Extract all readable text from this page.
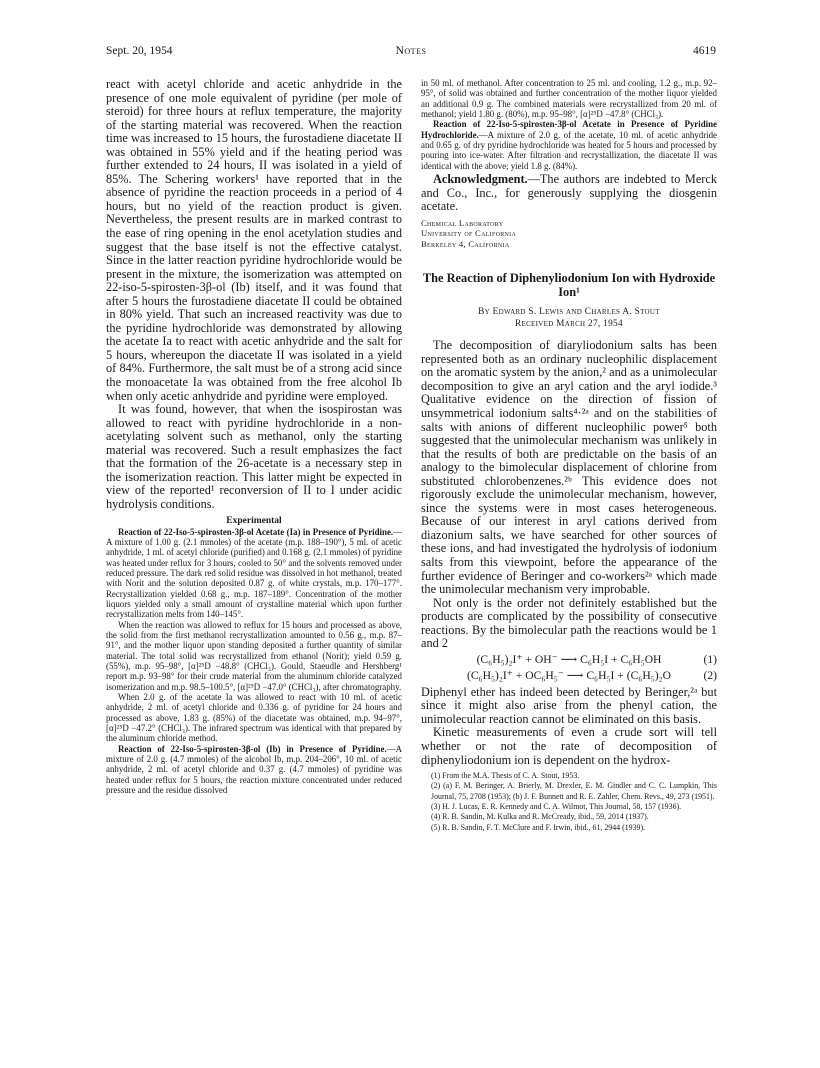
Sept. 20, 1954	Notes	4619

react with acetyl chloride and acetic anhydride in the presence of one mole equivalent of pyridine (per mole of steroid) for three hours at reflux temperature, the majority of the starting material was recovered. When the reaction time was increased to 15 hours, the furostadiene diacetate II was obtained in 55% yield and if the heating period was further extended to 24 hours, II was isolated in a yield of 85%. The Schering workers¹ have reported that in the absence of pyridine the reaction proceeds in a period of 4 hours, but no yield of the reaction product is given. Nevertheless, the present results are in marked contrast to the ease of ring opening in the enol acetylation studies and suggest that the base itself is not the effective catalyst. Since in the latter reaction pyridine hydrochloride would be present in the mixture, the isomerization was attempted on 22-iso-5-spirosten-3β-ol (Ib) itself, and it was found that after 5 hours the furostadiene diacetate II could be obtained in 80% yield. That such an increased reactivity was due to the pyridine hydrochloride was demonstrated by allowing the acetate Ia to react with acetic anhydride and the salt for 5 hours, whereupon the diacetate II was isolated in a yield of 84%. Furthermore, the salt must be of a strong acid since the monoacetate Ia was obtained from the free alcohol Ib when only acetic anhydride and pyridine were employed.

It was found, however, that when the isospirostan was allowed to react with pyridine hydrochloride in a non-acetylating solvent such as methanol, only the starting material was recovered. Such a result emphasizes the fact that the formation of the 26-acetate is a necessary step in the isomerization reaction. This latter might be expected in view of the reported¹ reconversion of II to I under acidic hydrolysis conditions.

Experimental

Reaction of 22-Iso-5-spirosten-3β-ol Acetate (Ia) in Presence of Pyridine.—A mixture of 1.00 g. (2.1 mmoles) of the acetate (m.p. 188–190°), 5 ml. of acetic anhydride, 1 ml. of acetyl chloride (purified) and 0.168 g. (2.1 mmoles) of pyridine was heated under reflux for 3 hours, cooled to 50° and the solvents removed under reduced pressure. The dark red solid residue was dissolved in hot methanol, treated with Norit and the solution deposited 0.87 g. of white crystals, m.p. 170–177°. Recrystallization yielded 0.68 g., m.p. 187–189°. Concentration of the mother liquors yielded only a small amount of crystalline material which upon further recrystallization melts from 140–145°.

When the reaction was allowed to reflux for 15 hours and processed as above, the solid from the first methanol recrystallization amounted to 0.56 g., m.p. 87–91°, and the mother liquor upon standing deposited a further quantity of similar material. The total solid was recrystallized from ethanol (Norit); yield 0.59 g. (55%), m.p. 95–98°, [α]²⁵D −48.8° (CHCl₃). Gould, Staeudle and Hershberg¹ report m.p. 93–98° for their crude material from the aluminum chloride catalyzed isomerization and m.p. 98.5–100.5°, [α]²⁵D −47.0° (CHCl₃), after chromatography.

When 2.0 g. of the acetate Ia was allowed to react with 10 ml. of acetic anhydride, 2 ml. of acetyl chloride and 0.336 g. of pyridine for 24 hours and processed as above, 1.83 g. (85%) of the diacetate was obtained, m.p. 94–97°, [α]²⁵D −47.2° (CHCl₃). The infrared spectrum was identical with that prepared by the aluminum chloride method.

Reaction of 22-Iso-5-spirosten-3β-ol (Ib) in Presence of Pyridine.—A mixture of 2.0 g. (4.7 mmoles) of the alcohol Ib, m.p. 204–206°, 10 ml. of acetic anhydride, 2 ml. of acetyl chloride and 0.37 g. (4.7 mmoles) of pyridine was heated under reflux for 5 hours, the reaction mixture concentrated under reduced pressure and the residue dissolved

in 50 ml. of methanol. After concentration to 25 ml. and cooling, 1.2 g., m.p. 92–95°, of solid was obtained and further concentration of the mother liquor yielded an additional 0.9 g. The combined materials were recrystallized from 20 ml. of methanol; yield 1.80 g. (80%), m.p. 95–98°, [α]²⁵D −47.8° (CHCl₃).

Reaction of 22-Iso-5-spirosten-3β-ol Acetate in Presence of Pyridine Hydrochloride.—A mixture of 2.0 g. of the acetate, 10 ml. of acetic anhydride and 0.65 g. of dry pyridine hydrochloride was heated for 5 hours and processed by pouring into ice-water. After filtration and recrystallization, the diacetate II was identical with the above; yield 1.8 g. (84%).

Acknowledgment.—The authors are indebted to Merck and Co., Inc., for generously supplying the diosgenin acetate.

Chemical Laboratory
University of California
Berkeley 4, California
The Reaction of Diphenyliodonium Ion with Hydroxide Ion¹
By Edward S. Lewis and Charles A. Stout
Received March 27, 1954

The decomposition of diaryliodonium salts has been represented both as an ordinary nucleophilic displacement on the aromatic system by the anion,² and as a unimolecular decomposition to give an aryl cation and the aryl iodide.³ Qualitative evidence on the direction of fission of unsymmetrical iodonium salts⁴·²ᵃ and on the stabilities of salts with anions of different nucleophilic power⁵ both suggested that the unimolecular mechanism was unlikely in that the results of both are predictable on the basis of an analogy to the bimolecular displacement of chlorine from substituted chlorobenzenes.²ᵇ This evidence does not rigorously exclude the unimolecular mechanism, however, since the systems were in most cases heterogeneous. Because of our interest in aryl cations derived from diazonium salts, we have searched for other sources of these ions, and had investigated the hydrolysis of iodonium salts from this viewpoint, before the appearance of the further evidence of Beringer and co-workers²ᵃ which made the unimolecular mechanism very improbable.

Not only is the order not definitely established but the products are complicated by the possibility of consecutive reactions. By the bimolecular path the reactions would be 1 and 2

(C₆H₅)₂I⁺ + OH⁻ ⟶ C₆H₅I + C₆H₅OH	(1)
(C₆H₅)₂I⁺ + OC₆H₅⁻ ⟶ C₆H₅I + (C₆H₅)₂O	(2)

Diphenyl ether has indeed been detected by Beringer,²ᵃ but since it might also arise from the phenyl cation, the unimolecular reaction cannot be eliminated on this basis.

Kinetic measurements of even a crude sort will tell whether or not the rate of decomposition of diphenyliodonium ion is dependent on the hydrox-

(1) From the M.A. Thesis of C. A. Stout, 1953.

(2) (a) F. M. Beringer, A. Brierly, M. Drexler, E. M. Gindler and C. C. Lumpkin, This Journal, 75, 2708 (1953); (b) J. F. Bunnett and R. E. Zahler, Chem. Revs., 49, 273 (1951).

(3) H. J. Lucas, E. R. Kennedy and C. A. Wilmot, This Journal, 58, 157 (1936).

(4) R. B. Sandin, M. Kulka and R. McCready, ibid., 59, 2014 (1937).

(5) R. B. Sandin, F. T. McClure and F. Irwin, ibid., 61, 2944 (1939).
